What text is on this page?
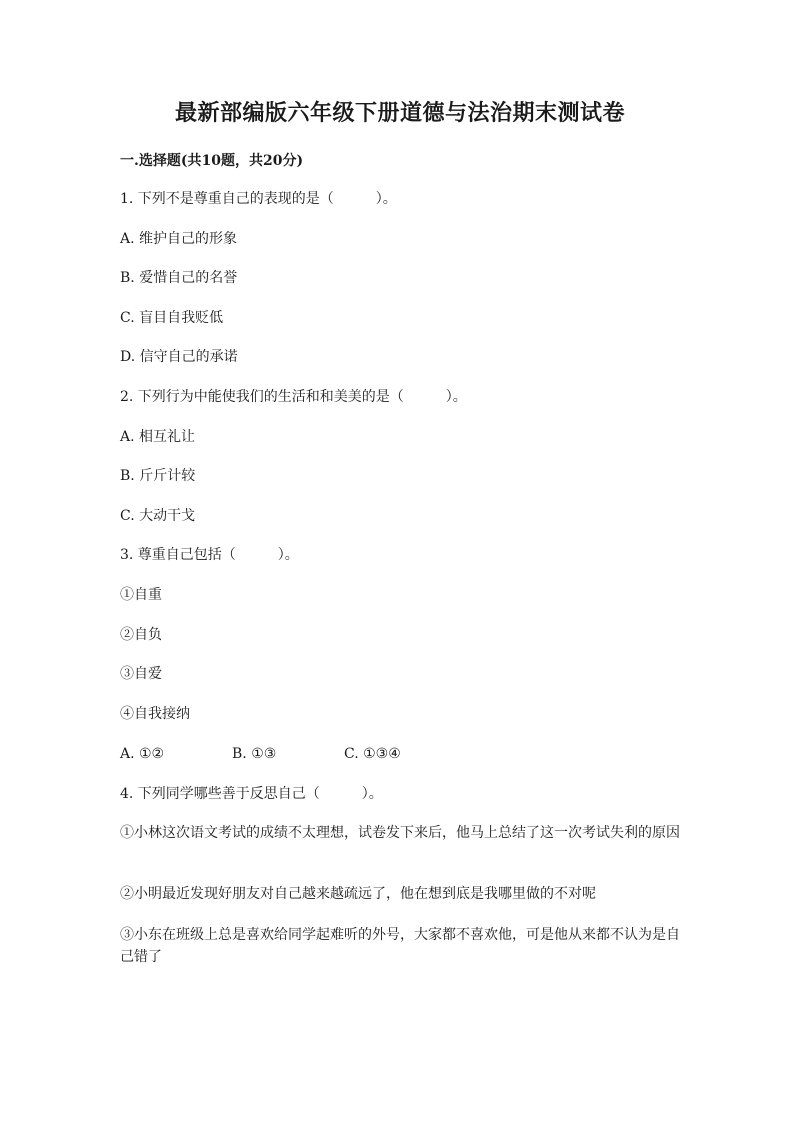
最新部编版六年级下册道德与法治期末测试卷
一.选择题(共10题，共20分)
1. 下列不是尊重自己的表现的是（　　　）。
A. 维护自己的形象
B. 爱惜自己的名誉
C. 盲目自我贬低
D. 信守自己的承诺
2. 下列行为中能使我们的生活和和美美的是（　　　）。
A. 相互礼让
B. 斤斤计较
C. 大动干戈
3. 尊重自己包括（　　　）。
①自重
②自负
③自爱
④自我接纳
A. ①②	B. ①③	C. ①③④
4. 下列同学哪些善于反思自己（　　　）。
①小林这次语文考试的成绩不太理想，试卷发下来后，他马上总结了这一次考试失利的原因
②小明最近发现好朋友对自己越来越疏远了，他在想到底是我哪里做的不对呢
③小东在班级上总是喜欢给同学起难听的外号，大家都不喜欢他，可是他从来都不认为是自己错了
